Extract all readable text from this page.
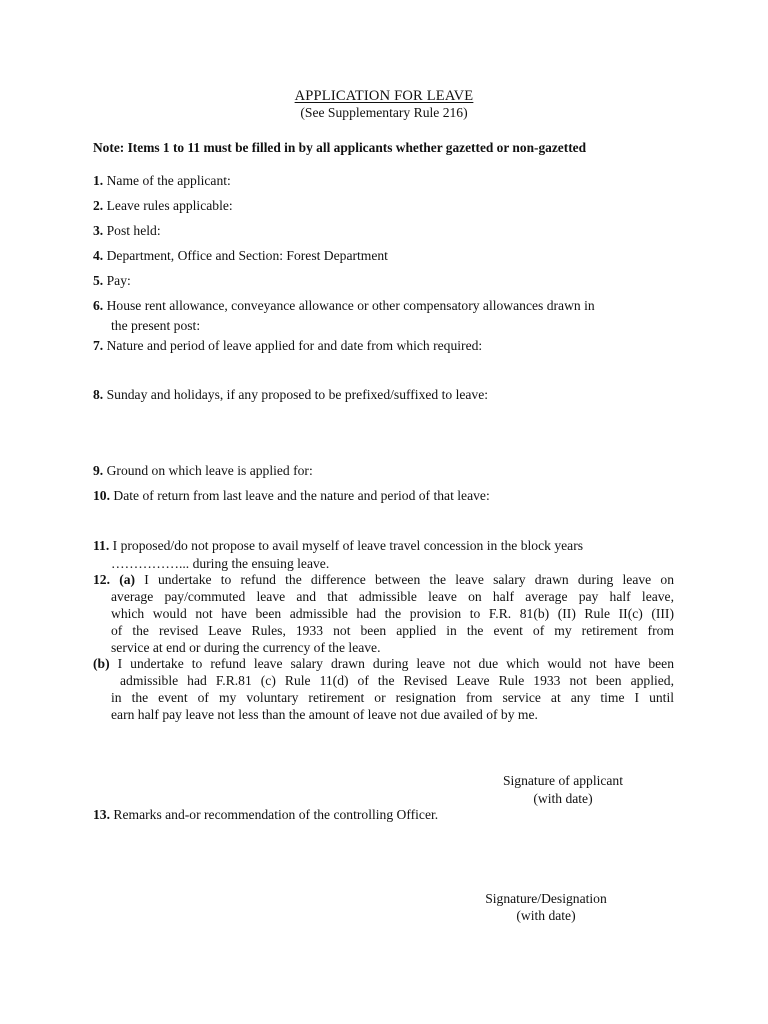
APPLICATION FOR LEAVE
(See Supplementary Rule 216)
Note: Items 1 to 11 must be filled in by all applicants whether gazetted or non-gazetted
1. Name of the applicant:
2. Leave rules applicable:
3. Post held:
4. Department, Office and Section: Forest Department
5. Pay:
6. House rent allowance, conveyance allowance or other compensatory allowances drawn in
the present post:
7. Nature and period of leave applied for and date from which required:
8. Sunday and holidays, if any proposed to be prefixed/suffixed to leave:
9. Ground on which leave is applied for:
10. Date of return from last leave and the nature and period of that leave:
11. I proposed/do not propose to avail myself of leave travel concession in the block years
……………... during the ensuing leave.
12. (a) I undertake to refund the difference between the leave salary drawn during leave on
average pay/commuted leave and that admissible leave on half average pay half leave,
which would not have been admissible had the provision to F.R. 81(b) (II) Rule II(c) (III)
of the revised Leave Rules, 1933 not been applied in the event of my retirement from
service at end or during the currency of the leave.
(b) I undertake to refund leave salary drawn during leave not due which would not have been
admissible had F.R.81 (c) Rule 11(d) of the Revised Leave Rule 1933 not been applied,
in the event of my voluntary retirement or resignation from service at any time I until
earn half pay leave not less than the amount of leave not due availed of by me.
Signature of applicant
(with date)
13. Remarks and-or recommendation of the controlling Officer.
Signature/Designation
(with date)
